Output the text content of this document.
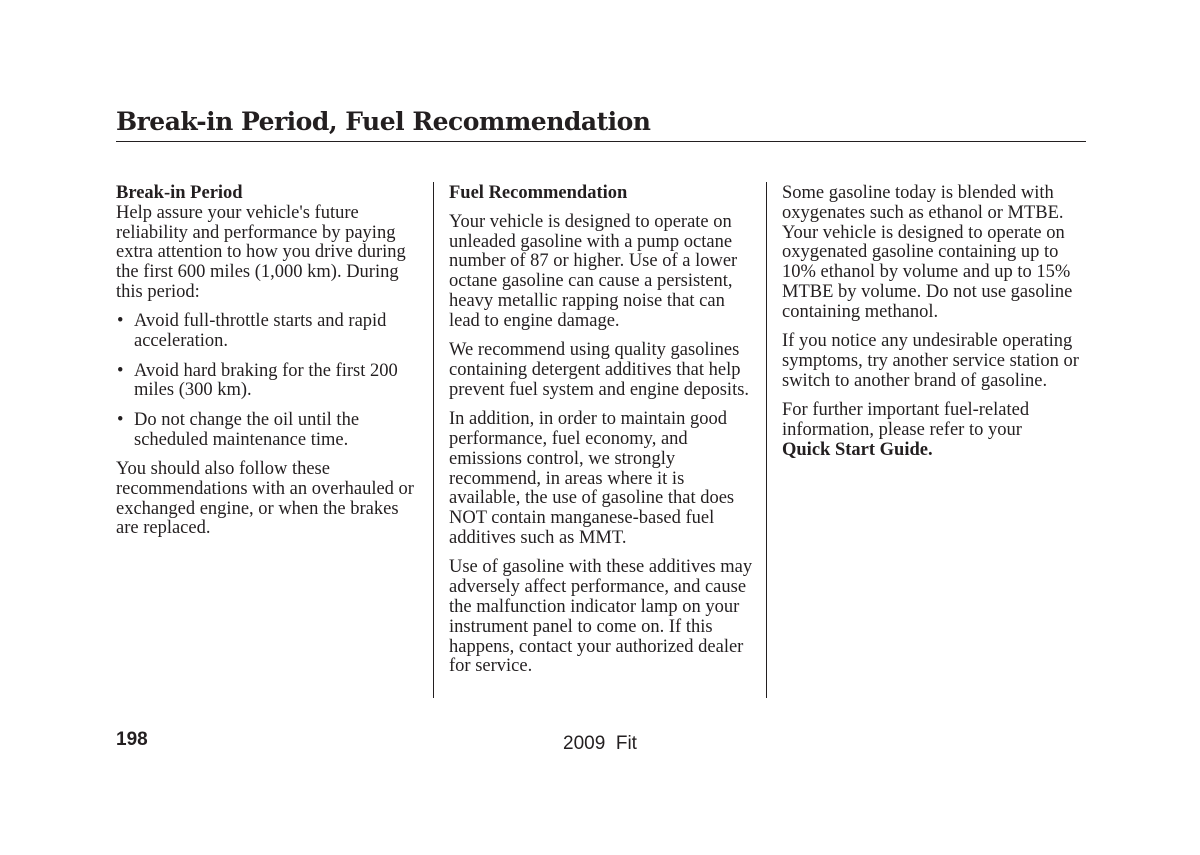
Break-in Period, Fuel Recommendation

Break-in Period
Help assure your vehicle's future reliability and performance by paying extra attention to how you drive during the first 600 miles (1,000 km). During this period:

• Avoid full-throttle starts and rapid acceleration.
• Avoid hard braking for the first 200 miles (300 km).
• Do not change the oil until the scheduled maintenance time.

You should also follow these recommendations with an overhauled or exchanged engine, or when the brakes are replaced.

Fuel Recommendation

Your vehicle is designed to operate on unleaded gasoline with a pump octane number of 87 or higher. Use of a lower octane gasoline can cause a persistent, heavy metallic rapping noise that can lead to engine damage.

We recommend using quality gasolines containing detergent additives that help prevent fuel system and engine deposits.

In addition, in order to maintain good performance, fuel economy, and emissions control, we strongly recommend, in areas where it is available, the use of gasoline that does NOT contain manganese-based fuel additives such as MMT.

Use of gasoline with these additives may adversely affect performance, and cause the malfunction indicator lamp on your instrument panel to come on. If this happens, contact your authorized dealer for service.

Some gasoline today is blended with oxygenates such as ethanol or MTBE. Your vehicle is designed to operate on oxygenated gasoline containing up to 10% ethanol by volume and up to 15% MTBE by volume. Do not use gasoline containing methanol.

If you notice any undesirable operating symptoms, try another service station or switch to another brand of gasoline.

For further important fuel-related information, please refer to your
Quick Start Guide.

198	2009  Fit
